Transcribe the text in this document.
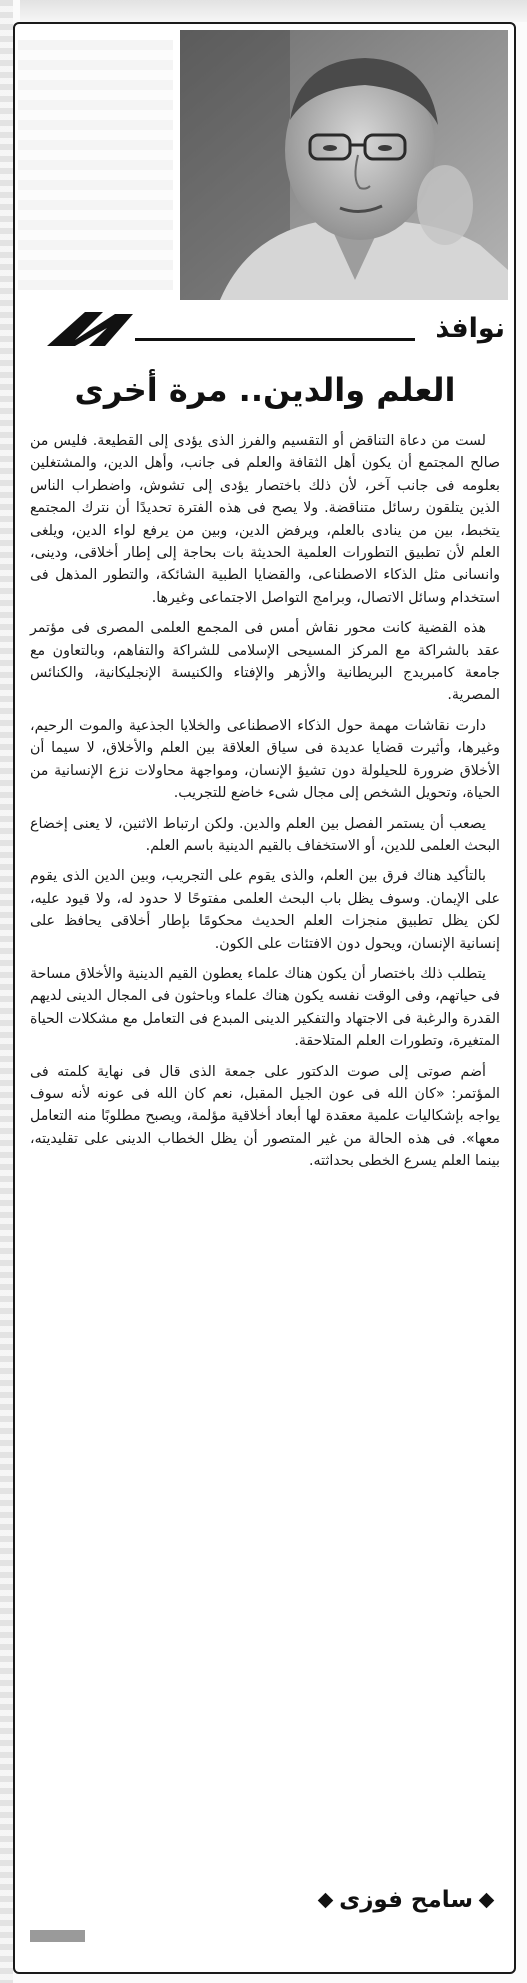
نوافذ
العلم والدين.. مرة أخرى

لست من دعاة التناقض أو التقسيم والفرز الذى يؤدى إلى القطيعة. فليس من صالح المجتمع أن يكون أهل الثقافة والعلم فى جانب، وأهل الدين، والمشتغلين بعلومه فى جانب آخر، لأن ذلك باختصار يؤدى إلى تشوش، واضطراب الناس الذين يتلقون رسائل متناقضة. ولا يصح فى هذه الفترة تحديدًا أن نترك المجتمع يتخبط، بين من ينادى بالعلم، ويرفض الدين، وبين من يرفع لواء الدين، ويلغى العلم لأن تطبيق التطورات العلمية الحديثة بات بحاجة إلى إطار أخلاقى، ودينى، وانسانى مثل الذكاء الاصطناعى، والقضايا الطبية الشائكة، والتطور المذهل فى استخدام وسائل الاتصال، وبرامج التواصل الاجتماعى وغيرها.

هذه القضية كانت محور نقاش أمس فى المجمع العلمى المصرى فى مؤتمر عقد بالشراكة مع المركز المسيحى الإسلامى للشراكة والتفاهم، وبالتعاون مع جامعة كامبريدج البريطانية والأزهر والإفتاء والكنيسة الإنجليكانية، والكنائس المصرية.

دارت نقاشات مهمة حول الذكاء الاصطناعى والخلايا الجذعية والموت الرحيم، وغيرها، وأثيرت قضايا عديدة فى سياق العلاقة بين العلم والأخلاق، لا سيما أن الأخلاق ضرورة للحيلولة دون تشيؤ الإنسان، ومواجهة محاولات نزع الإنسانية من الحياة، وتحويل الشخص إلى مجال شىء خاضع للتجريب.

يصعب أن يستمر الفصل بين العلم والدين. ولكن ارتباط الاثنين، لا يعنى إخضاع البحث العلمى للدين، أو الاستخفاف بالقيم الدينية باسم العلم.

بالتأكيد هناك فرق بين العلم، والذى يقوم على التجريب، وبين الدين الذى يقوم على الإيمان. وسوف يظل باب البحث العلمى مفتوحًا لا حدود له، ولا قيود عليه، لكن يظل تطبيق منجزات العلم الحديث محكومًا بإطار أخلاقى يحافظ على إنسانية الإنسان، ويحول دون الافتئات على الكون.

يتطلب ذلك باختصار أن يكون هناك علماء يعطون القيم الدينية والأخلاق مساحة فى حياتهم، وفى الوقت نفسه يكون هناك علماء وباحثون فى المجال الدينى لديهم القدرة والرغبة فى الاجتهاد والتفكير الدينى المبدع فى التعامل مع مشكلات الحياة المتغيرة، وتطورات العلم المتلاحقة.

أضم صوتى إلى صوت الدكتور على جمعة الذى قال فى نهاية كلمته فى المؤتمر: «كان الله فى عون الجيل المقبل، نعم كان الله فى عونه لأنه سوف يواجه بإشكاليات علمية معقدة لها أبعاد أخلاقية مؤلمة، ويصبح مطلوبًا منه التعامل معها». فى هذه الحالة من غير المتصور أن يظل الخطاب الدينى على تقليديته، بينما العلم يسرع الخطى بحداثته.

سامح فوزى
